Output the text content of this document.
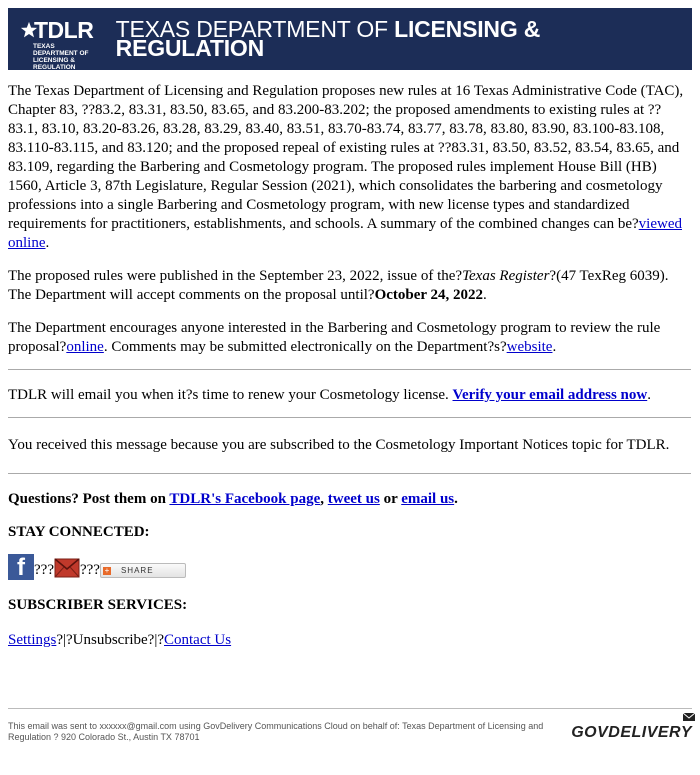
TDLR
TEXAS DEPARTMENT OF
LICENSING & REGULATION
TEXAS DEPARTMENT OF LICENSING & REGULATION

The Texas Department of Licensing and Regulation proposes new rules at 16 Texas Administrative Code (TAC), Chapter 83, ??83.2, 83.31, 83.50, 83.65, and 83.200-83.202; the proposed amendments to existing rules at ??83.1, 83.10, 83.20-83.26, 83.28, 83.29, 83.40, 83.51, 83.70-83.74, 83.77, 83.78, 83.80, 83.90, 83.100-83.108, 83.110-83.115, and 83.120; and the proposed repeal of existing rules at ??83.31, 83.50, 83.52, 83.54, 83.65, and 83.109, regarding the Barbering and Cosmetology program. The proposed rules implement House Bill (HB) 1560, Article 3, 87th Legislature, Regular Session (2021), which consolidates the barbering and cosmetology professions into a single Barbering and Cosmetology program, with new license types and standardized requirements for practitioners, establishments, and schools. A summary of the combined changes can be?viewed online.

The proposed rules were published in the September 23, 2022, issue of the?Texas Register?(47 TexReg 6039). The Department will accept comments on the proposal until?October 24, 2022.

The Department encourages anyone interested in the Barbering and Cosmetology program to review the rule proposal?online. Comments may be submitted electronically on the Department?s?website.

TDLR will email you when it?s time to renew your Cosmetology license. Verify your email address now.
You received this message because you are subscribed to the Cosmetology Important Notices topic for TDLR.
Questions? Post them on TDLR's Facebook page, tweet us or email us.
STAY CONNECTED:
f ??? ??? + SHARE
SUBSCRIBER SERVICES:
Settings?|?Unsubscribe?|?Contact Us
This email was sent to xxxxxx@gmail.com using GovDelivery Communications Cloud on behalf of: Texas Department of Licensing and Regulation ? 920 Colorado St., Austin TX 78701	GOVDELIVERY
